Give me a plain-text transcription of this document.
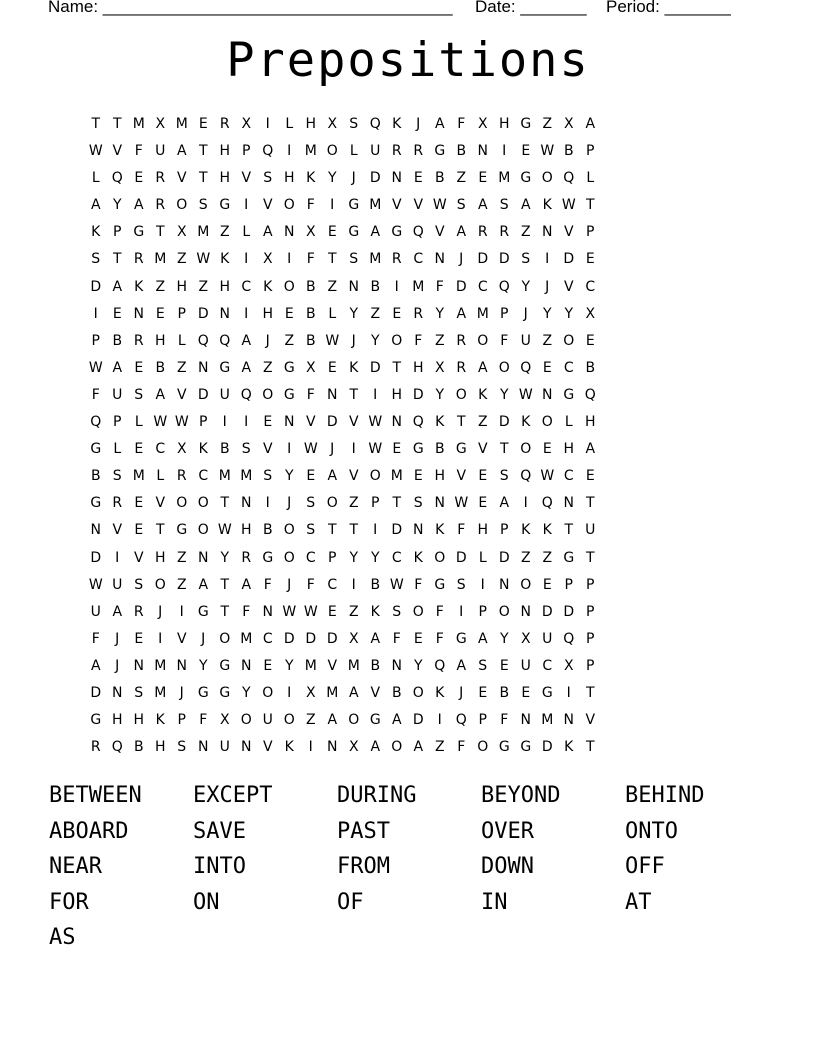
Name: _____________________________________ Date: _______ Period: _______
Prepositions
T T M X M E R X I L H X S Q K J A F X H G Z X A
W V F U A T H P Q I M O L U R R G B N I E W B P
L Q E R V T H V S H K Y J D N E B Z E M G O Q L
A Y A R O S G I V O F I G M V V W S A S A K W T
K P G T X M Z L A N X E G A G Q V A R R Z N V P
S T R M Z W K I X I F T S M R C N J D D S I D E
D A K Z H Z H C K O B Z N B I M F D C Q Y J V C
I E N E P D N I H E B L Y Z E R Y A M P J Y Y X
P B R H L Q Q A J Z B W J Y O F Z R O F U Z O E
W A E B Z N G A Z G X E K D T H X R A O Q E C B
F U S A V D U Q O G F N T I H D Y O K Y W N G Q
Q P L W W P I I E N V D V W N Q K T Z D K O L H
G L E C X K B S V I W J I W E G B G V T O E H A
B S M L R C M M S Y E A V O M E H V E S Q W C E
G R E V O O T N I J S O Z P T S N W E A I Q N T
N V E T G O W H B O S T T I D N K F H P K K T U
D I V H Z N Y R G O C P Y Y C K O D L D Z Z G T
W U S O Z A T A F J F C I B W F G S I N O E P P
U A R J I G T F N W W E Z K S O F I P O N D D P
F J E I V J O M C D D D X A F E F G A Y X U Q P
A J N M N Y G N E Y M V M B N Y Q A S E U C X P
D N S M J G G Y O I X M A V B O K J E B E G I T
G H H K P F X O U O Z A O G A D I Q P F N M N V
R Q B H S N U N V K I N X A O A Z F O G G D K T
BETWEEN EXCEPT	DURING	BEYOND	BEHIND
ABOARD	SAVE	PAST	OVER	ONTO
NEAR	INTO	FROM	DOWN	OFF
FOR	ON	OF	IN	AT
AS
